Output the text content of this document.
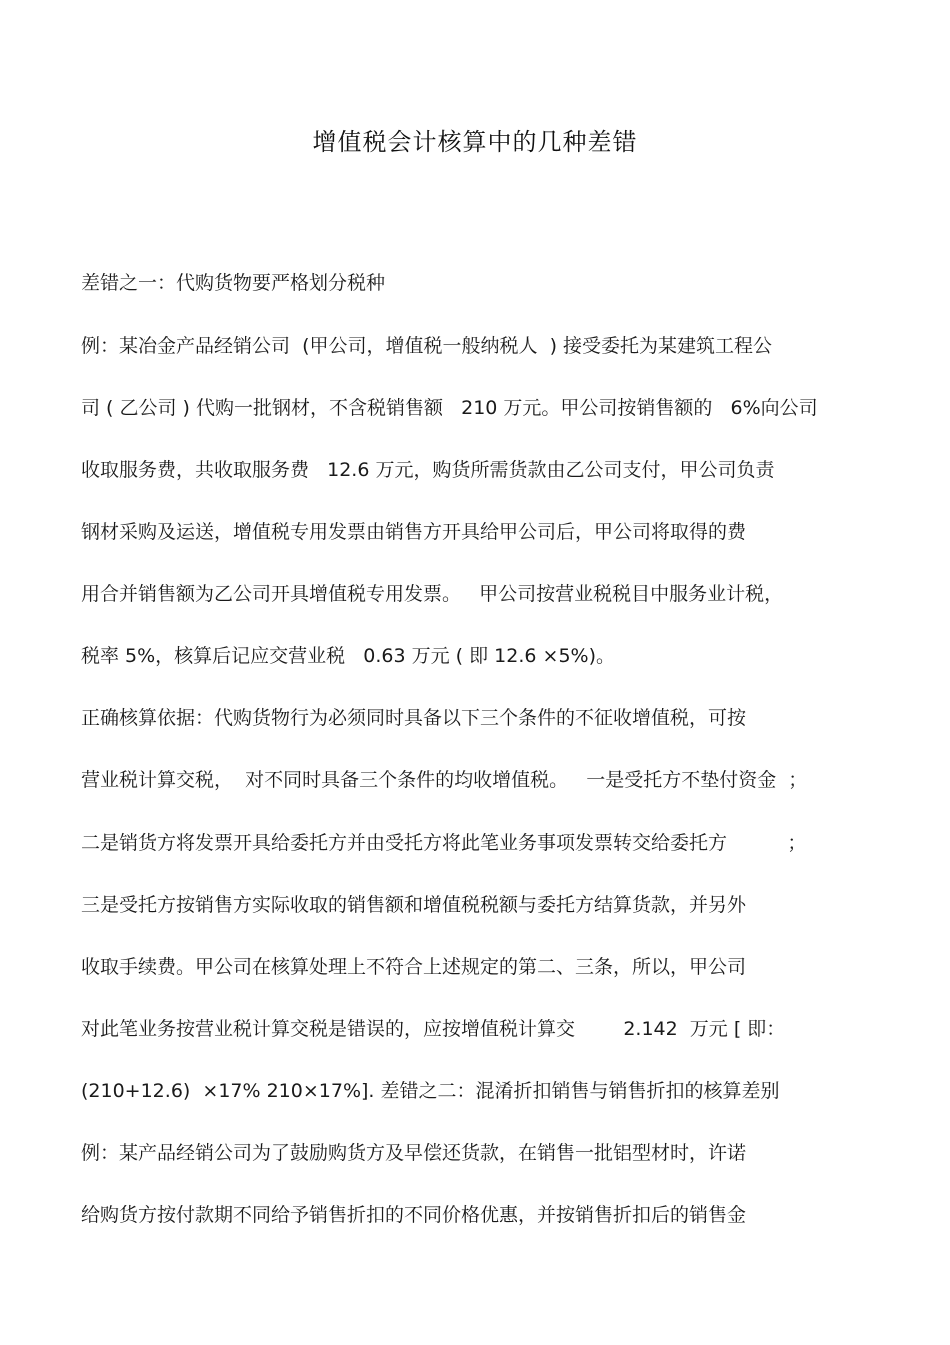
增值税会计核算中的几种差错
差错之一：代购货物要严格划分税种
例：某冶金产品经销公司  (甲公司，增值税一般纳税人  ) 接受委托为某建筑工程公
司 ( 乙公司 ) 代购一批钢材，不含税销售额   210 万元。甲公司按销售额的   6%向公司
收取服务费，共收取服务费   12.6 万元，购货所需货款由乙公司支付，甲公司负责
钢材采购及运送，增值税专用发票由销售方开具给甲公司后，甲公司将取得的费
用合并销售额为乙公司开具增值税专用发票。   甲公司按营业税税目中服务业计税，
税率 5%，核算后记应交营业税   0.63 万元 ( 即 12.6 ×5%)。
正确核算依据：代购货物行为必须同时具备以下三个条件的不征收增值税，可按
营业税计算交税，  对不同时具备三个条件的均收增值税。   一是受托方不垫付资金  ；
二是销货方将发票开具给委托方并由受托方将此笔业务事项发票转交给委托方          ；
三是受托方按销售方实际收取的销售额和增值税税额与委托方结算货款，并另外
收取手续费。甲公司在核算处理上不符合上述规定的第二、三条，所以，甲公司
对此笔业务按营业税计算交税是错误的，应按增值税计算交        2.142  万元 [ 即：
(210+12.6)  ×17% 210×17%]. 差错之二：混淆折扣销售与销售折扣的核算差别
例：某产品经销公司为了鼓励购货方及早偿还货款，在销售一批铝型材时，许诺
给购货方按付款期不同给予销售折扣的不同价格优惠，并按销售折扣后的销售金
